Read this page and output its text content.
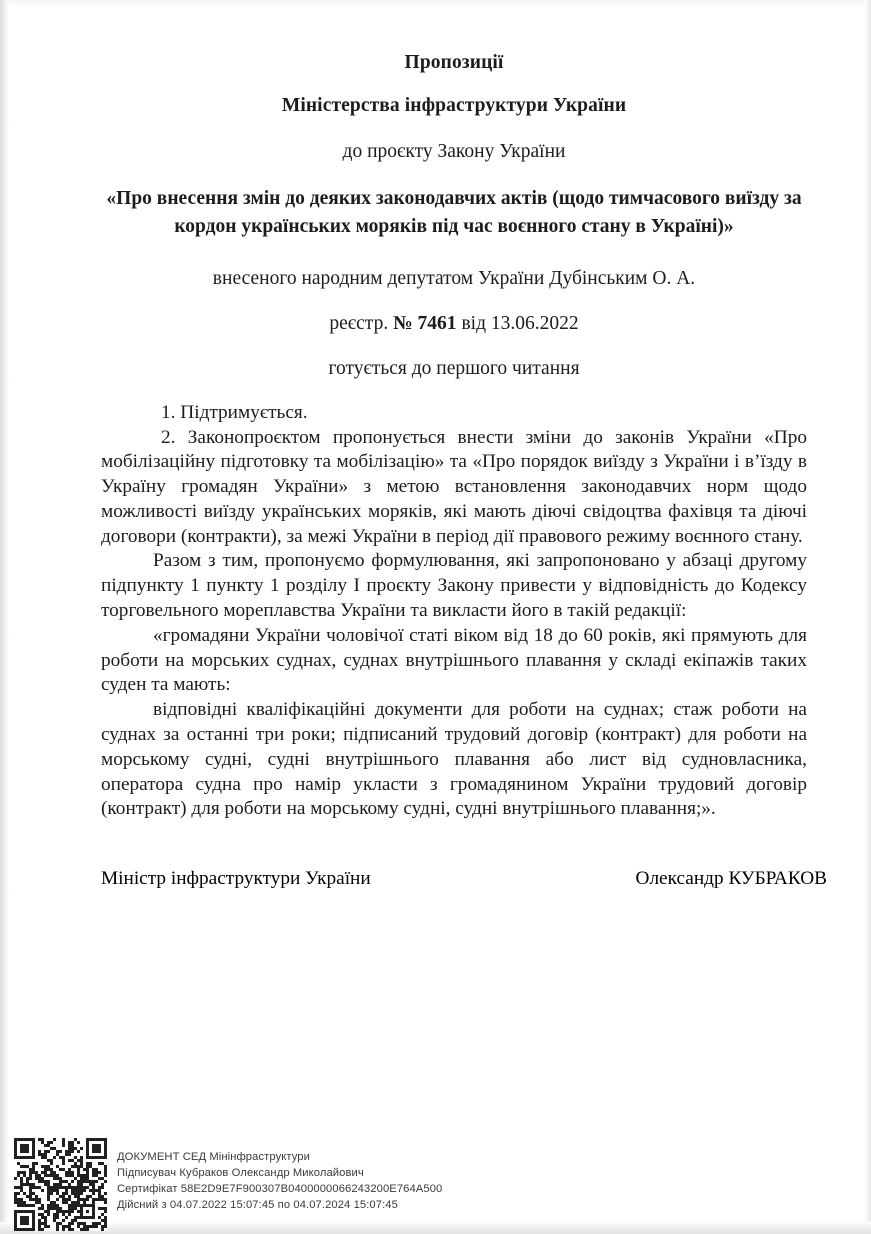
Пропозиції
Міністерства інфраструктури України
до проєкту Закону України
«Про внесення змін до деяких законодавчих актів (щодо тимчасового виїзду за кордон українських моряків під час воєнного стану в Україні)»
внесеного народним депутатом України Дубінським О. А.
реєстр. № 7461 від 13.06.2022
готується до першого читання

1. Підтримується.

2. Законопроєктом пропонується внести зміни до законів України «Про мобілізаційну підготовку та мобілізацію» та «Про порядок виїзду з України і в’їзду в Україну громадян України» з метою встановлення законодавчих норм щодо можливості виїзду українських моряків, які мають діючі свідоцтва фахівця та діючі договори (контракти), за межі України в період дії правового режиму воєнного стану.

Разом з тим, пропонуємо формулювання, які запропоновано у абзаці другому підпункту 1 пункту 1 розділу I проєкту Закону привести у відповідність до Кодексу торговельного мореплавства України та викласти його в такій редакції:

«громадяни України чоловічої статі віком від 18 до 60 років, які прямують для роботи на морських суднах, суднах внутрішнього плавання у складі екіпажів таких суден та мають:

відповідні кваліфікаційні документи для роботи на суднах; стаж роботи на суднах за останні три роки; підписаний трудовий договір (контракт) для роботи на морському судні, судні внутрішнього плавання або лист від судновласника, оператора судна про намір укласти з громадянином України трудовий договір (контракт) для роботи на морському судні, судні внутрішнього плавання;».

Міністр інфраструктури України	Олександр КУБРАКОВ
ДОКУМЕНТ СЕД Мінінфраструктури
Підписувач Кубраков Олександр Миколайович
Сертифікат 58E2D9E7F900307B0400000066243200E764A500
Дійсний з 04.07.2022 15:07:45 по 04.07.2024 15:07:45
